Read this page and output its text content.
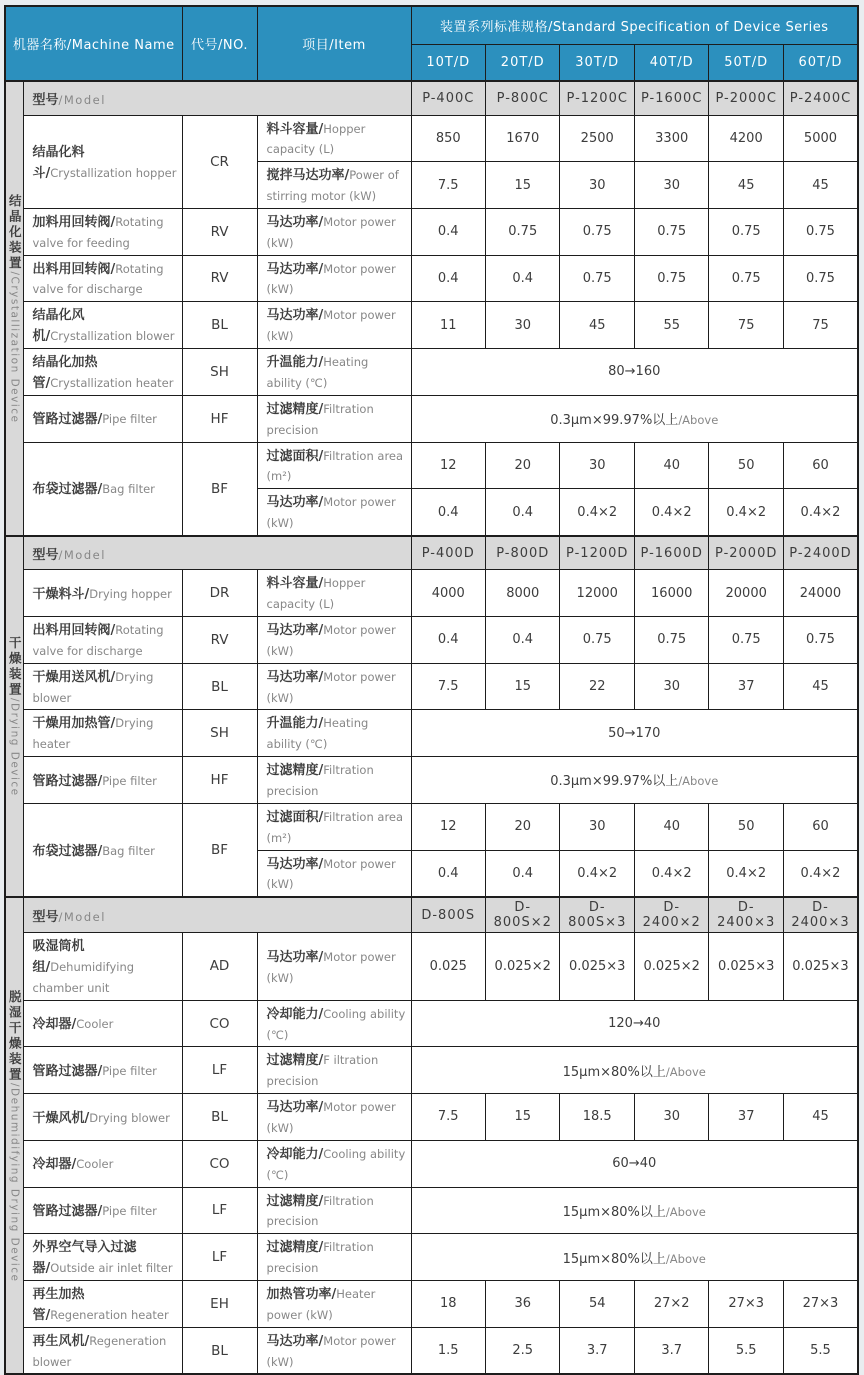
机器名称/Machine Name		代号/NO.	项目/Item	装置系列标准规格/Standard Specification of Device Series					
				10T/D	20T/D	30T/D	40T/D	50T/D	60T/D

结晶化装置/Crystallization Device	型号/Model			P-400C	P-800C	P-1200C	P-1600C	P-2000C	P-2400C
	结晶化料斗/Crystallization hopper	CR	料斗容量/Hopper capacity (L)	850	1670	2500	3300	4200	5000
			搅拌马达功率/Power of stirring motor (kW)	7.5	15	30	30	45	45
	加料用回转阀/Rotating valve for feeding	RV	马达功率/Motor power (kW)	0.4	0.75	0.75	0.75	0.75	0.75
	出料用回转阀/Rotating valve for discharge	RV	马达功率/Motor power (kW)	0.4	0.4	0.75	0.75	0.75	0.75
	结晶化风机/Crystallization blower	BL	马达功率/Motor power (kW)	11	30	45	55	75	75
	结晶化加热管/Crystallization heater	SH	升温能力/Heating ability (℃)	80→160					
	管路过滤器/Pipe filter	HF	过滤精度/Filtration precision	0.3μm×99.97%以上/Above					
	布袋过滤器/Bag filter	BF	过滤面积/Filtration area (m²)	12	20	30	40	50	60
			马达功率/Motor power (kW)	0.4	0.4	0.4×2	0.4×2	0.4×2	0.4×2

干燥装置/Drying Device	型号/Model			P-400D	P-800D	P-1200D	P-1600D	P-2000D	P-2400D
	干燥料斗/Drying hopper	DR	料斗容量/Hopper capacity (L)	4000	8000	12000	16000	20000	24000
	出料用回转阀/Rotating valve for discharge	RV	马达功率/Motor power (kW)	0.4	0.4	0.75	0.75	0.75	0.75
	干燥用送风机/Drying blower	BL	马达功率/Motor power (kW)	7.5	15	22	30	37	45
	干燥用加热管/Drying heater	SH	升温能力/Heating ability (℃)	50→170					
	管路过滤器/Pipe filter	HF	过滤精度/Filtration precision	0.3μm×99.97%以上/Above					
	布袋过滤器/Bag filter	BF	过滤面积/Filtration area (m²)	12	20	30	40	50	60
			马达功率/Motor power (kW)	0.4	0.4	0.4×2	0.4×2	0.4×2	0.4×2

脱湿干燥装置/Dehumidifying Drying Device	型号/Model			D-800S	D-800S×2	D-800S×3	D-2400×2	D-2400×3	D-2400×3
	吸湿筒机组/Dehumidifying chamber unit	AD	马达功率/Motor power (kW)	0.025	0.025×2	0.025×3	0.025×2	0.025×3	0.025×3
	冷却器/Cooler	CO	冷却能力/Cooling ability (℃)	120→40					
	管路过滤器/Pipe filter	LF	过滤精度/F iltration precision	15μm×80%以上/Above					
	干燥风机/Drying blower	BL	马达功率/Motor power (kW)	7.5	15	18.5	30	37	45
	冷却器/Cooler	CO	冷却能力/Cooling ability (℃)	60→40					
	管路过滤器/Pipe filter	LF	过滤精度/Filtration precision	15μm×80%以上/Above					
	外界空气导入过滤器/Outside air inlet filter	LF	过滤精度/Filtration precision	15μm×80%以上/Above					
	再生加热管/Regeneration heater	EH	加热管功率/Heater power (kW)	18	36	54	27×2	27×3	27×3
	再生风机/Regeneration blower	BL	马达功率/Motor power (kW)	1.5	2.5	3.7	3.7	5.5	5.5
